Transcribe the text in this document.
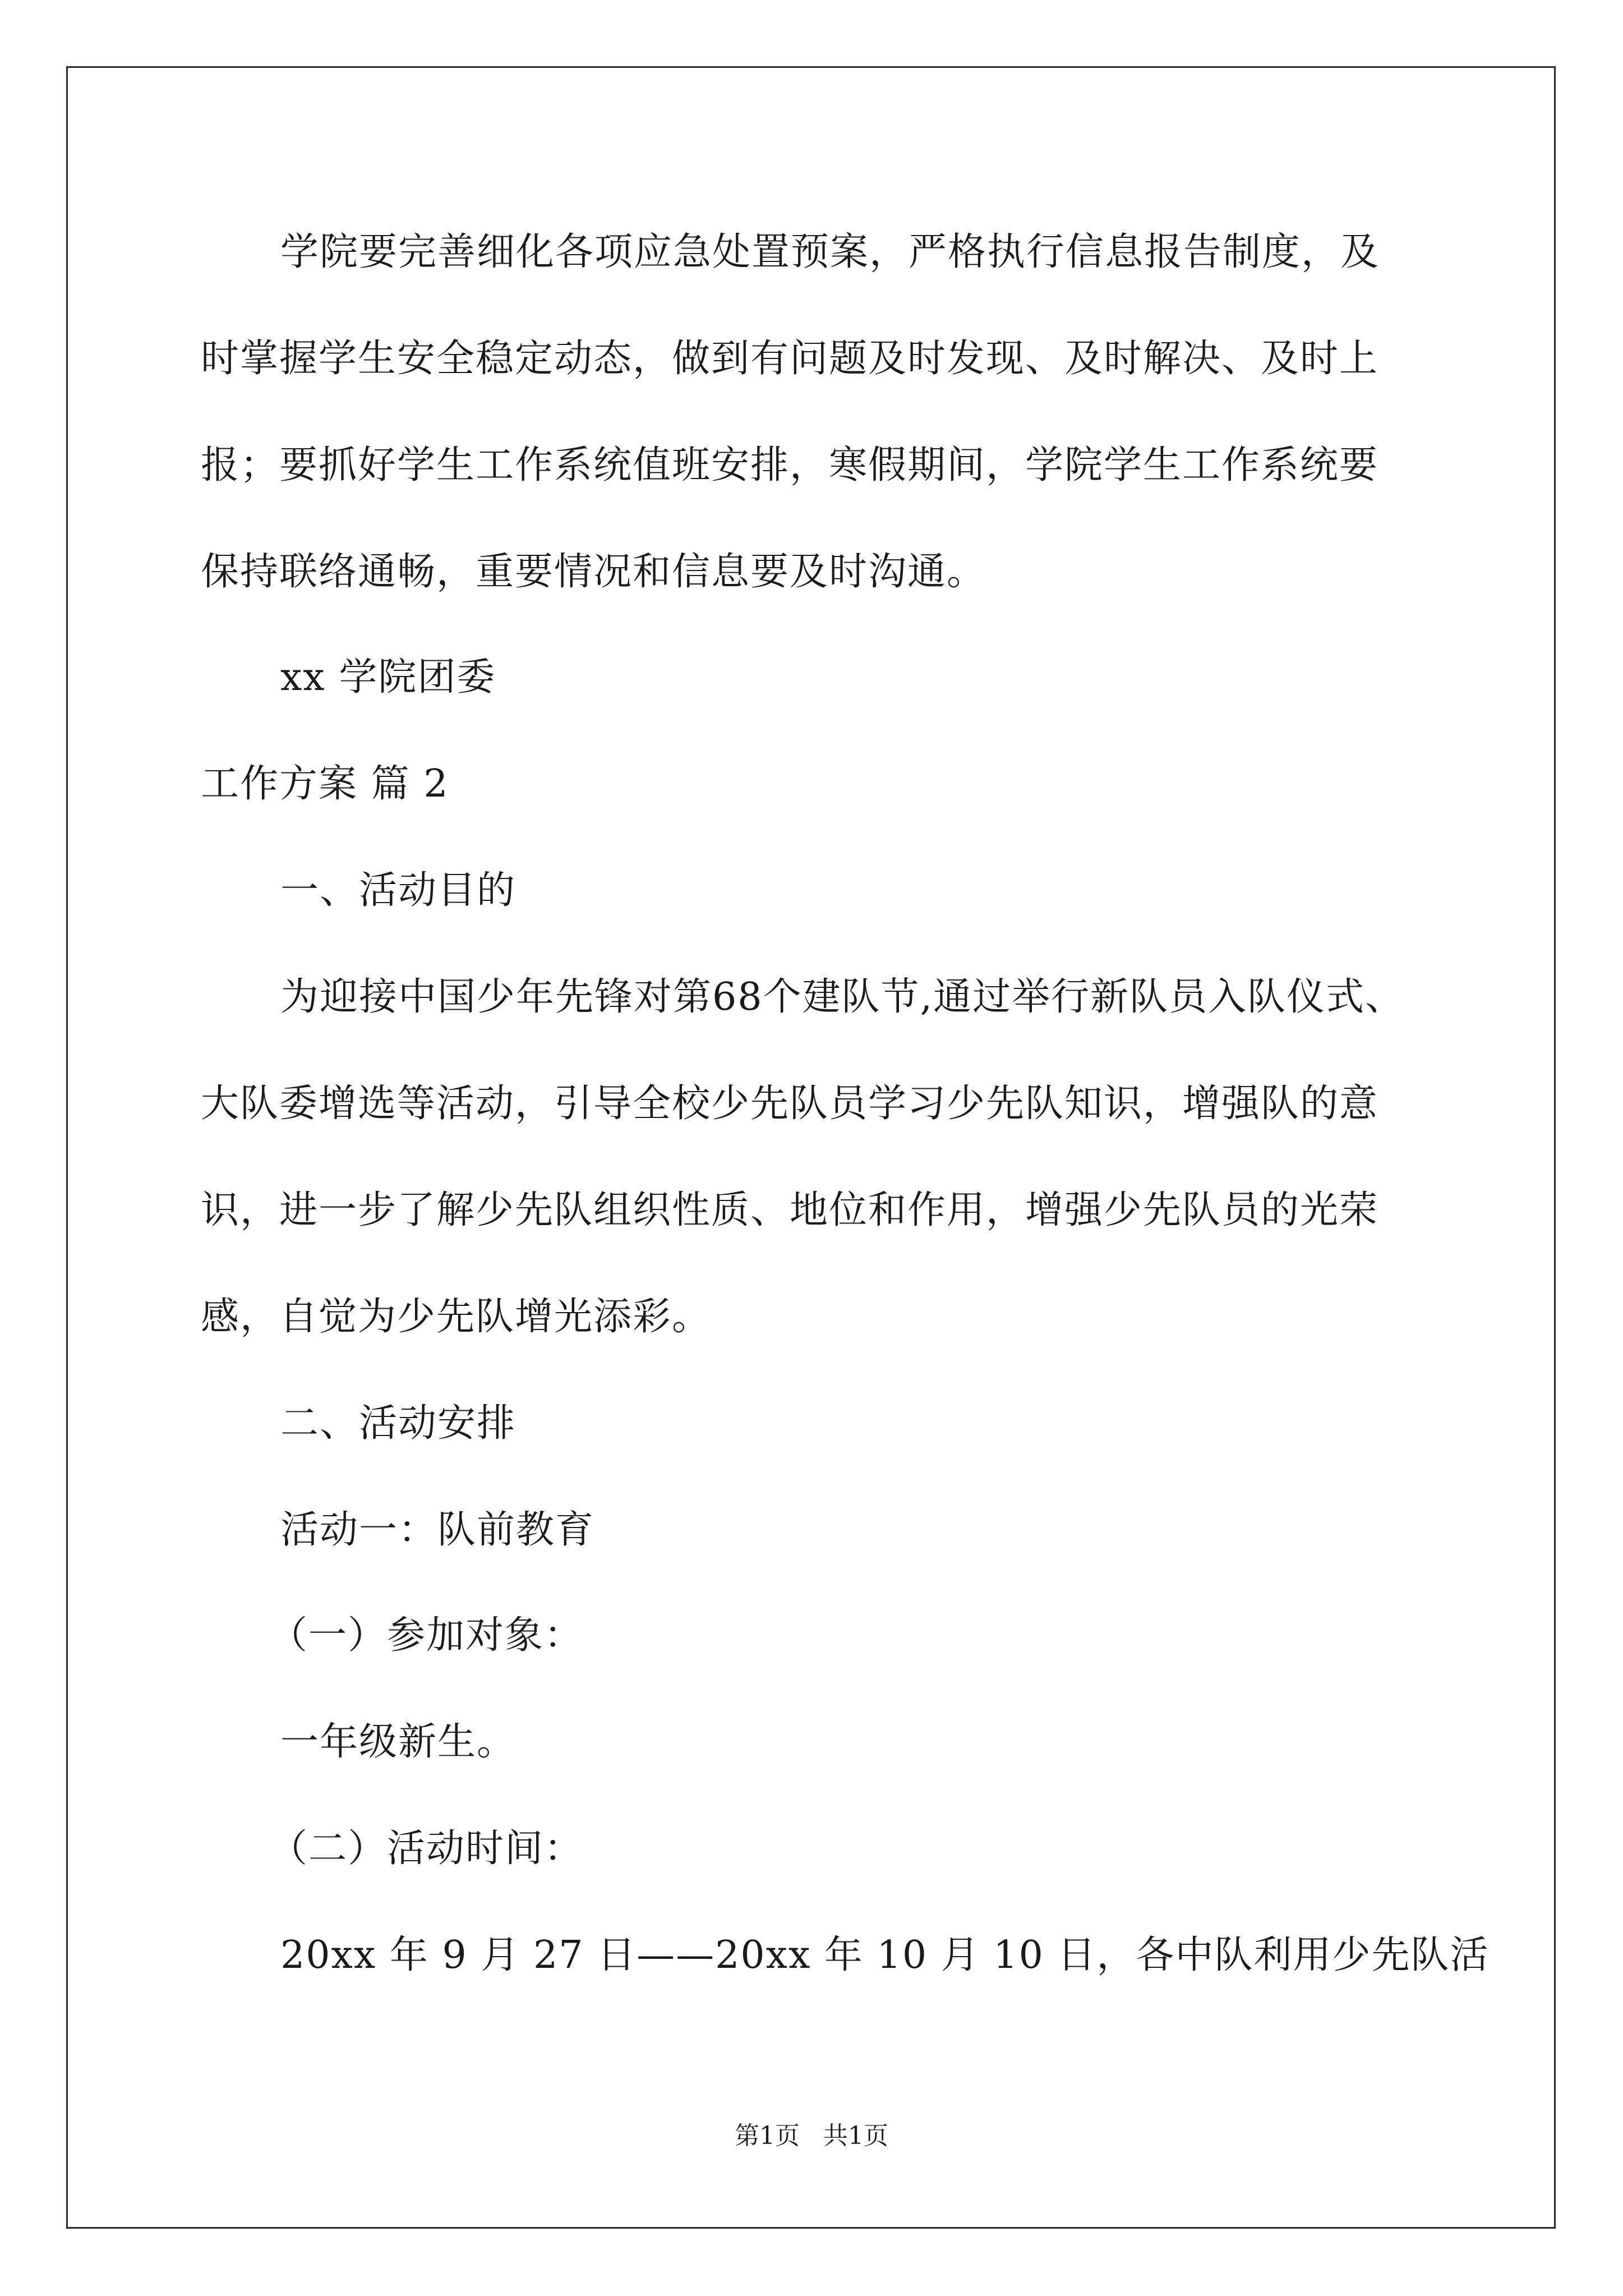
学院要完善细化各项应急处置预案，严格执行信息报告制度，及
时掌握学生安全稳定动态，做到有问题及时发现、及时解决、及时上
报；要抓好学生工作系统值班安排，寒假期间，学院学生工作系统要
保持联络通畅，重要情况和信息要及时沟通。
xx 学院团委
工作方案 篇 2
一、活动目的
为迎接中国少年先锋对第68个建队节,通过举行新队员入队仪式、
大队委增选等活动，引导全校少先队员学习少先队知识，增强队的意
识，进一步了解少先队组织性质、地位和作用，增强少先队员的光荣
感，自觉为少先队增光添彩。
二、活动安排
活动一：队前教育
（一）参加对象：
一年级新生。
（二）活动时间：
20xx 年 9 月 27 日——20xx 年 10 月 10 日，各中队利用少先队活
第1页   共1页
